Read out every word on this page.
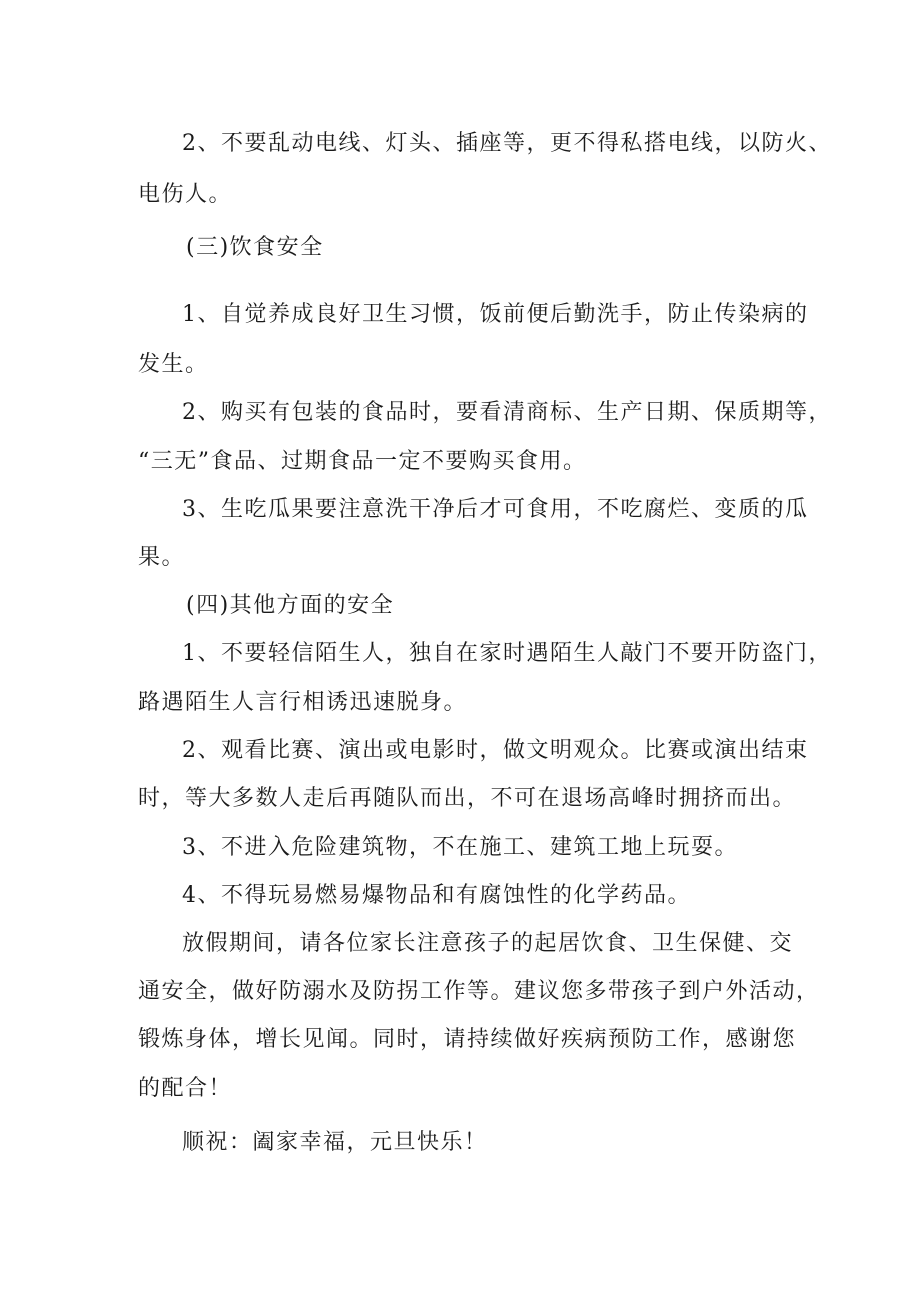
2、不要乱动电线、灯头、插座等，更不得私搭电线，以防火、
电伤人。
(三)饮食安全
1、自觉养成良好卫生习惯，饭前便后勤洗手，防止传染病的
发生。
2、购买有包装的食品时，要看清商标、生产日期、保质期等，
“三无”食品、过期食品一定不要购买食用。
3、生吃瓜果要注意洗干净后才可食用，不吃腐烂、变质的瓜
果。
(四)其他方面的安全
1、不要轻信陌生人，独自在家时遇陌生人敲门不要开防盗门，
路遇陌生人言行相诱迅速脱身。
2、观看比赛、演出或电影时，做文明观众。比赛或演出结束
时，等大多数人走后再随队而出，不可在退场高峰时拥挤而出。
3、不进入危险建筑物，不在施工、建筑工地上玩耍。
4、不得玩易燃易爆物品和有腐蚀性的化学药品。
放假期间，请各位家长注意孩子的起居饮食、卫生保健、交
通安全，做好防溺水及防拐工作等。建议您多带孩子到户外活动，
锻炼身体，增长见闻。同时，请持续做好疾病预防工作，感谢您
的配合！
顺祝：阖家幸福，元旦快乐！
